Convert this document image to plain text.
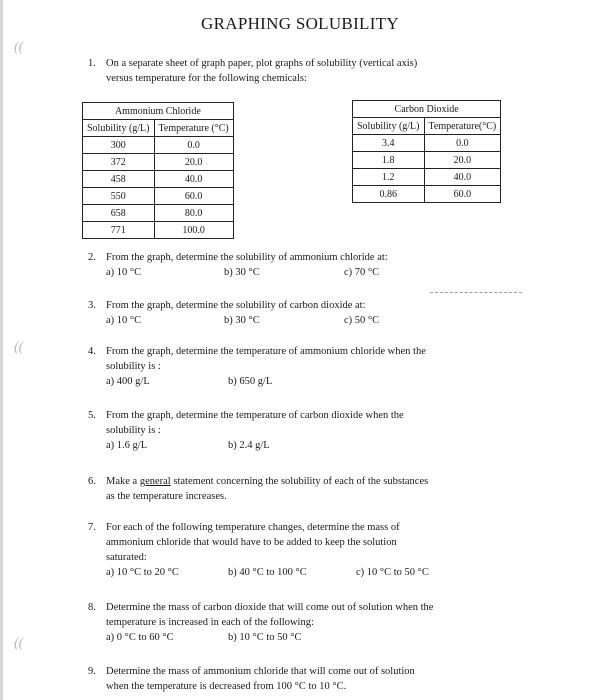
((
((
((
GRAPHING SOLUBILITY
1. On a separate sheet of graph paper, plot graphs of solubility (vertical axis)
versus temperature for the following chemicals:
Ammonium Chloride	
Solubility (g/L)	Temperature (°C)
300	0.0
372	20.0
458	40.0
550	60.0
658	80.0
771	100.0
Carbon Dioxide	
Solubility (g/L)	Temperature(°C)
3.4	0.0
1.8	20.0
1.2	40.0
0.86	60.0
2. From the graph, determine the solubility of ammonium chloride at:
a) 10 °C	b) 30 °C	c) 70 °C
3. From the graph, determine the solubility of carbon dioxide at:
a) 10 °C	b) 30 °C	c) 50 °C
4. From the graph, determine the temperature of ammonium chloride when the
solubility is :
a) 400 g/L	b) 650 g/L
5. From the graph, determine the temperature of carbon dioxide when the
solubility is :
a) 1.6 g/L	b) 2.4 g/L
6. Make a general statement concerning the solubility of each of the substances
as the temperature increases.
7. For each of the following temperature changes, determine the mass of
ammonium chloride that would have to be added to keep the solution
saturated:
a) 10 °C to 20 °C	b) 40 °C to 100 °C	c) 10 °C to 50 °C
8. Determine the mass of carbon dioxide that will come out of solution when the
temperature is increased in each of the following:
a) 0 °C to 60 °C	b) 10 °C to 50 °C
9. Determine the mass of ammonium chloride that will come out of solution
when the temperature is decreased from 100 °C to 10 °C.
